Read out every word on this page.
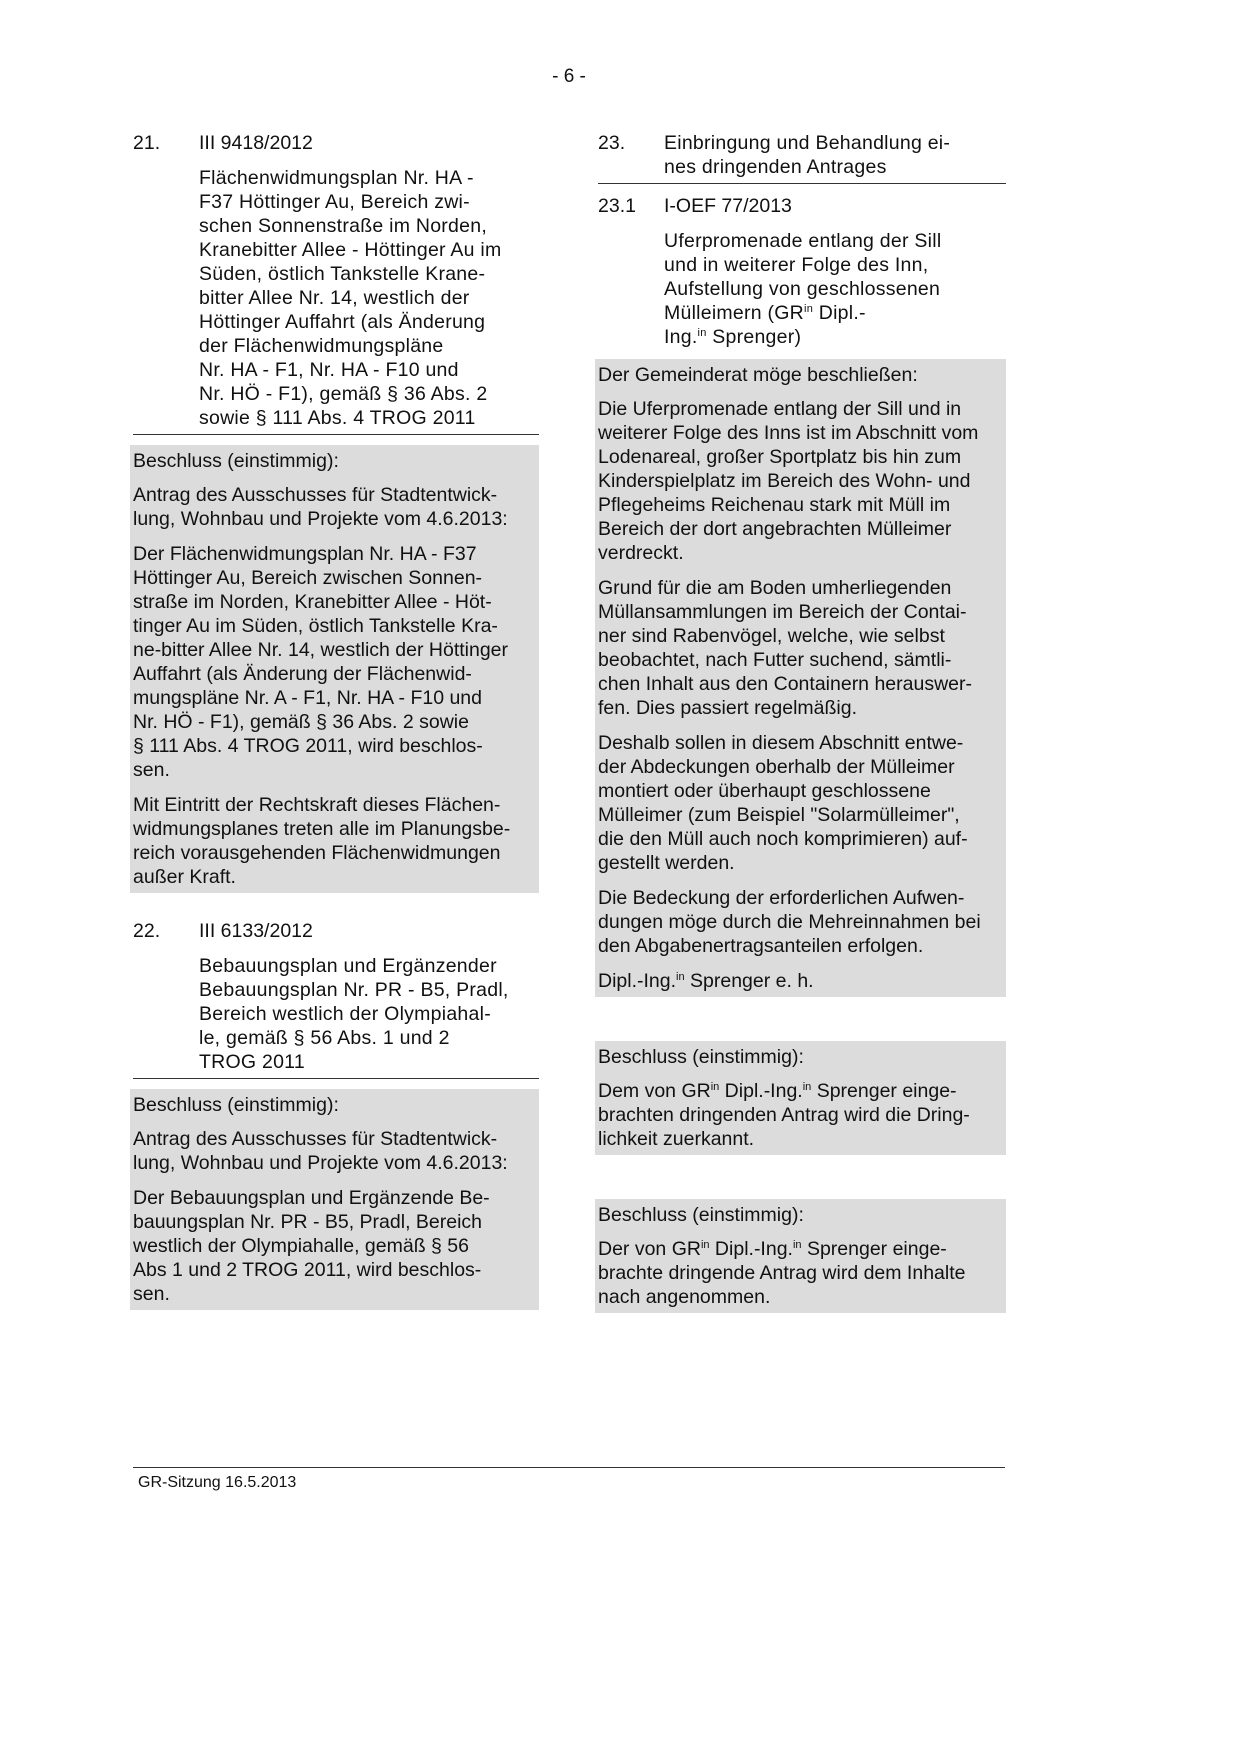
- 6 -
21.	III 9418/2012
Flächenwidmungsplan Nr. HA -
F37 Höttinger Au, Bereich zwi-
schen Sonnenstraße im Norden,
Kranebitter Allee - Höttinger Au im
Süden, östlich Tankstelle Krane-
bitter Allee Nr. 14, westlich der
Höttinger Auffahrt (als Änderung
der Flächenwidmungspläne
Nr. HA - F1, Nr. HA - F10 und
Nr. HÖ - F1), gemäß § 36 Abs. 2
sowie § 111 Abs. 4 TROG 2011

Beschluss (einstimmig):

Antrag des Ausschusses für Stadtentwick-
lung, Wohnbau und Projekte vom 4.6.2013:

Der Flächenwidmungsplan Nr. HA - F37
Höttinger Au, Bereich zwischen Sonnen-
straße im Norden, Kranebitter Allee - Höt-
tinger Au im Süden, östlich Tankstelle Kra-
ne-bitter Allee Nr. 14, westlich der Höttinger
Auffahrt (als Änderung der Flächenwid-
mungspläne Nr. A - F1, Nr. HA - F10 und
Nr. HÖ - F1), gemäß § 36 Abs. 2 sowie
§ 111 Abs. 4 TROG 2011, wird beschlos-
sen.

Mit Eintritt der Rechtskraft dieses Flächen-
widmungsplanes treten alle im Planungsbe-
reich vorausgehenden Flächenwidmungen
außer Kraft.

22.	III 6133/2012
Bebauungsplan und Ergänzender
Bebauungsplan Nr. PR - B5, Pradl,
Bereich westlich der Olympiahal-
le, gemäß § 56 Abs. 1 und 2
TROG 2011

Beschluss (einstimmig):

Antrag des Ausschusses für Stadtentwick-
lung, Wohnbau und Projekte vom 4.6.2013:

Der Bebauungsplan und Ergänzende Be-
bauungsplan Nr. PR - B5, Pradl, Bereich
westlich der Olympiahalle, gemäß § 56
Abs 1 und 2 TROG 2011, wird beschlos-
sen.

23. Einbringung und Behandlung ei-
nes dringenden Antrages
23.1	I-OEF 77/2013
Uferpromenade entlang der Sill
und in weiterer Folge des Inn,
Aufstellung von geschlossenen
Mülleimern ($GR^{in}$ Dipl.-
Ing.$^{in}$ Sprenger)

Der Gemeinderat möge beschließen:

Die Uferpromenade entlang der Sill und in
weiterer Folge des Inns ist im Abschnitt vom
Lodenareal, großer Sportplatz bis hin zum
Kinderspielplatz im Bereich des Wohn- und
Pflegeheims Reichenau stark mit Müll im
Bereich der dort angebrachten Mülleimer
verdreckt.

Grund für die am Boden umherliegenden
Müllansammlungen im Bereich der Contai-
ner sind Rabenvögel, welche, wie selbst
beobachtet, nach Futter suchend, sämtli-
chen Inhalt aus den Containern herauswer-
fen. Dies passiert regelmäßig.

Deshalb sollen in diesem Abschnitt entwe-
der Abdeckungen oberhalb der Mülleimer
montiert oder überhaupt geschlossene
Mülleimer (zum Beispiel "Solarmülleimer",
die den Müll auch noch komprimieren) auf-
gestellt werden.

Die Bedeckung der erforderlichen Aufwen-
dungen möge durch die Mehreinnahmen bei
den Abgabenertragsanteilen erfolgen.

Dipl.-Ing.$^{in}$ Sprenger e. h.

Beschluss (einstimmig):

Dem von $GR^{in}$ Dipl.-Ing.$^{in}$ Sprenger einge-
brachten dringenden Antrag wird die Dring-
lichkeit zuerkannt.

Beschluss (einstimmig):

Der von $GR^{in}$ Dipl.-Ing.$^{in}$ Sprenger einge-
brachte dringende Antrag wird dem Inhalte
nach angenommen.

GR-Sitzung 16.5.2013
